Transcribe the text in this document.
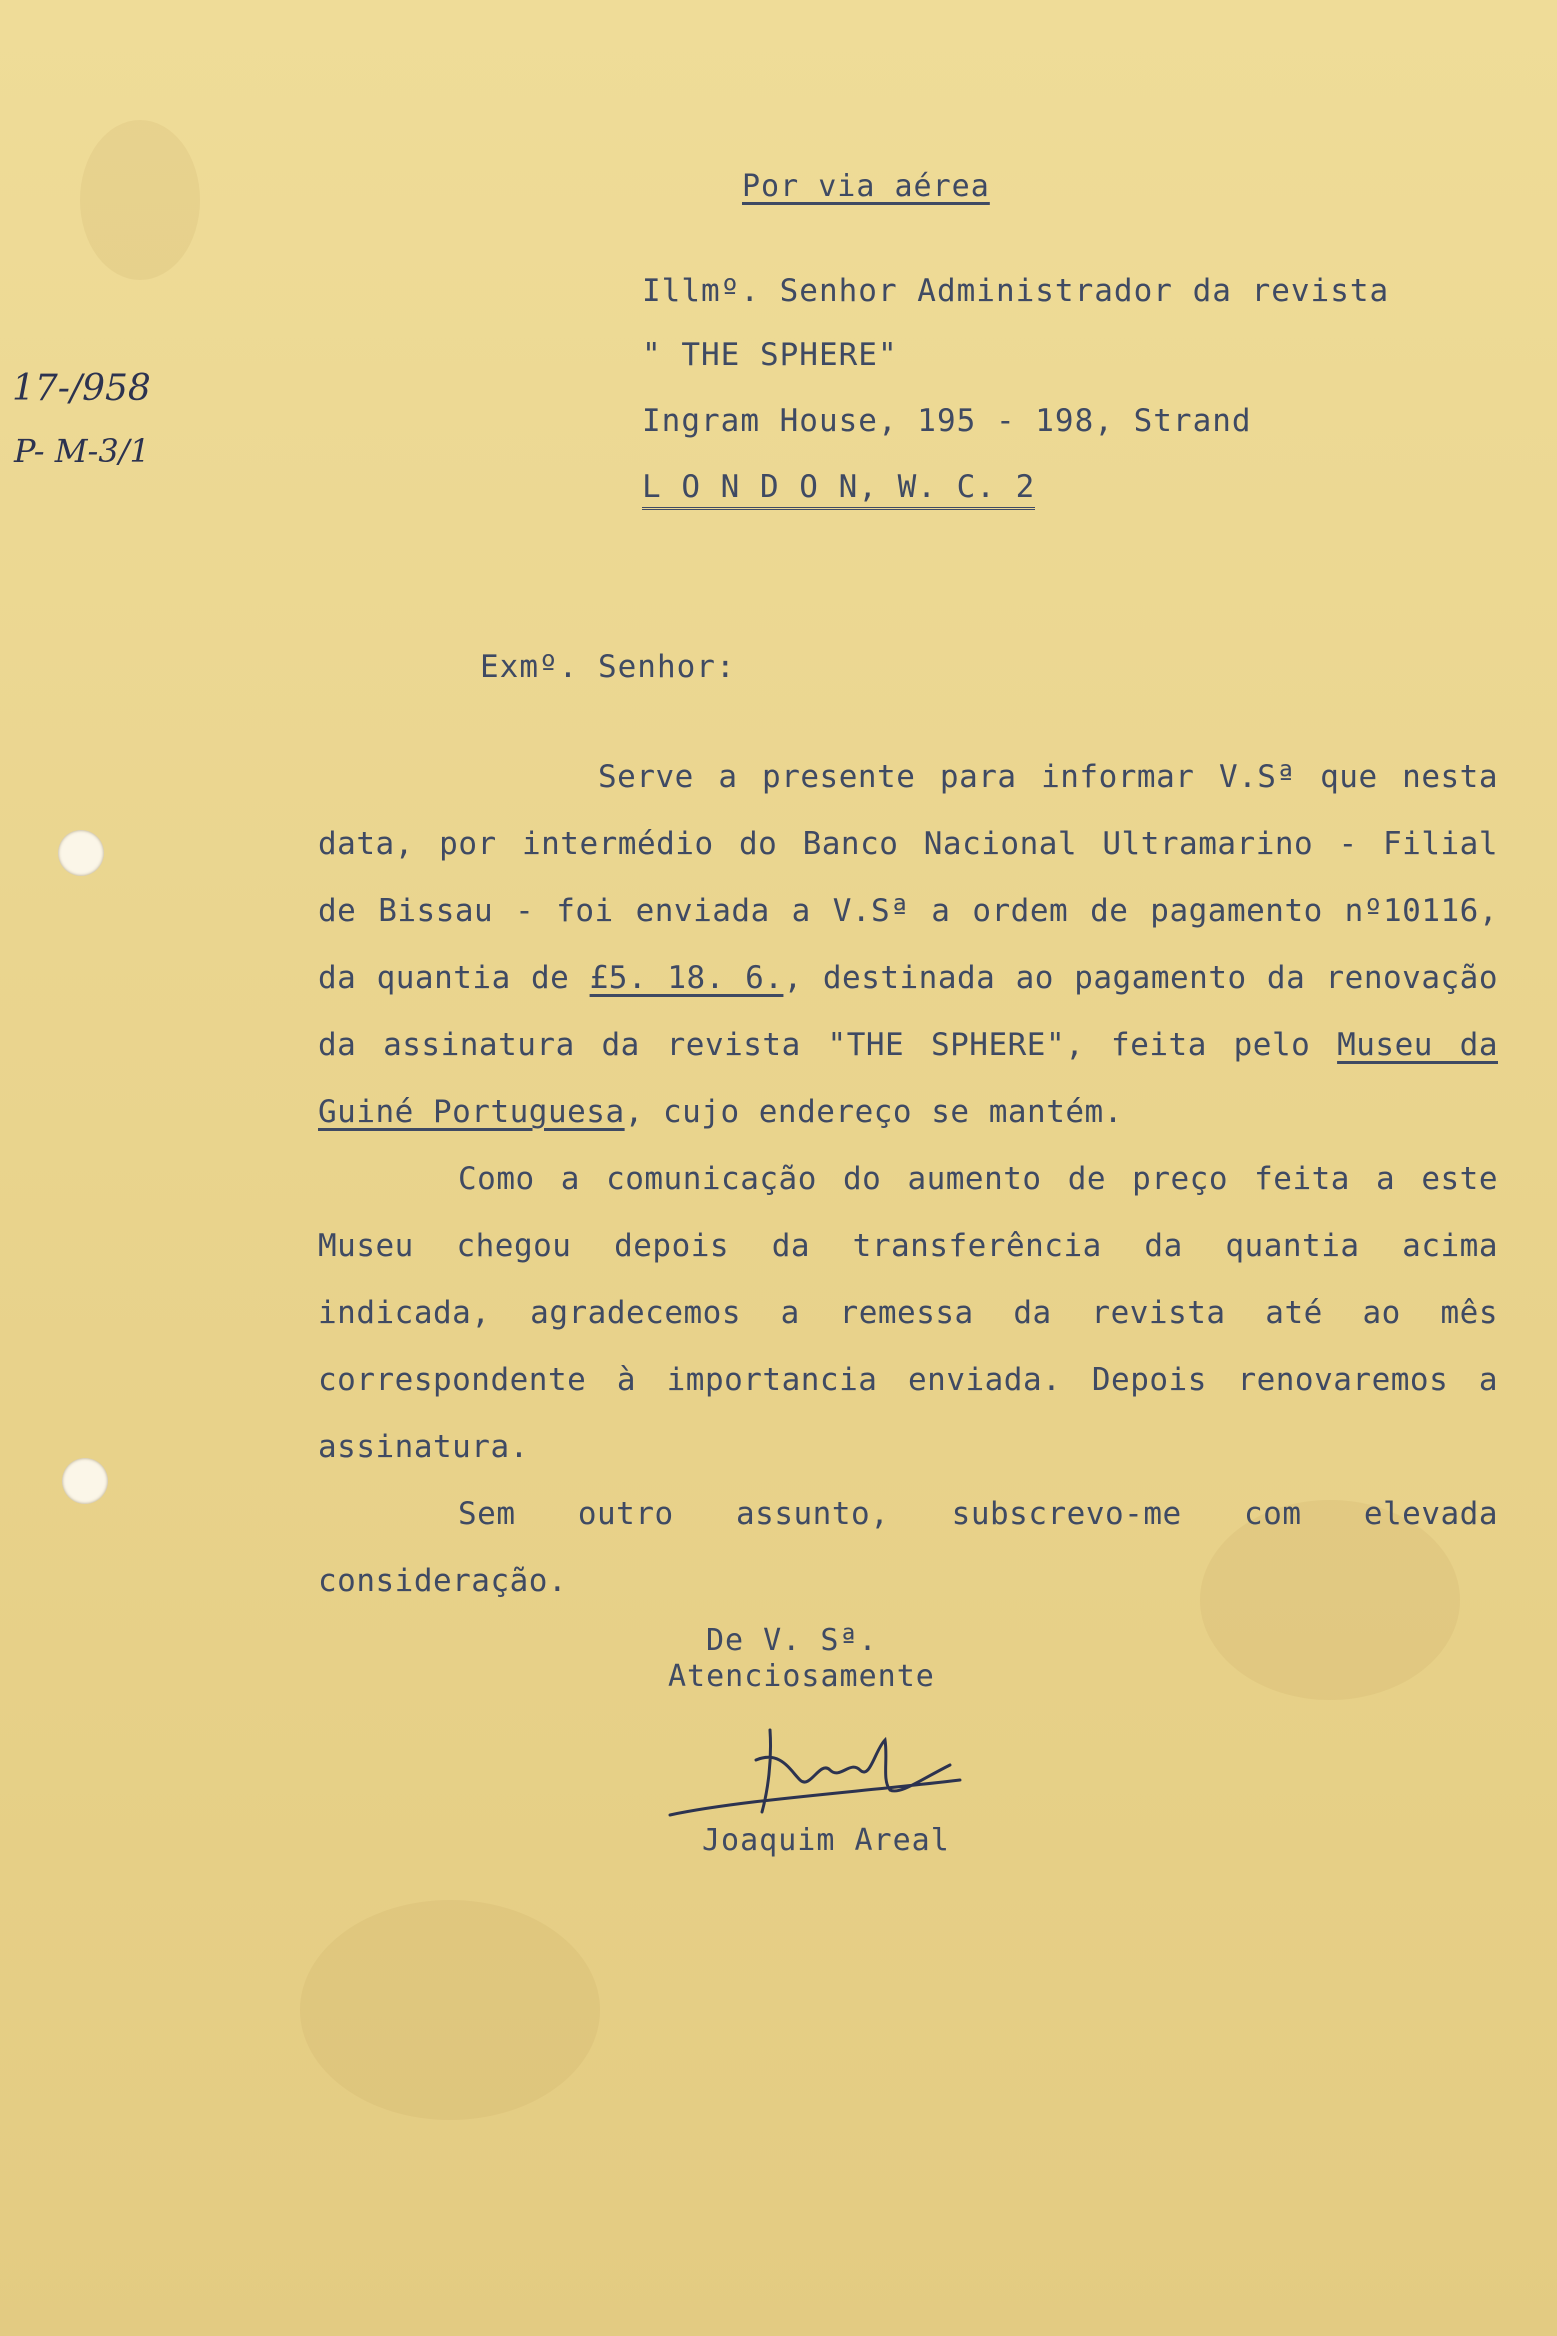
17-/958
P- M-3/1
Por via aérea
Illmº. Senhor Administrador da revista
" THE SPHERE"
Ingram House, 195 - 198, Strand
L O N D O N, W. C. 2
Exmº. Senhor:

Serve a presente para informar V.Sª que nesta data, por intermédio do Banco Nacional Ultramarino - Filial de Bissau - foi enviada a V.Sª a ordem de pagamento nº10116, da quantia de £5. 18. 6., destinada ao pagamento da renovação da assinatura da revista "THE SPHERE", feita pelo Museu da Guiné Portuguesa, cujo endereço se mantém.

Como a comunicação do aumento de preço feita a este Museu chegou depois da transferência da quantia acima indicada, agradecemos a remessa da revista até ao mês correspondente à importancia enviada. Depois renovaremos a assinatura.

Sem outro assunto, subscrevo-me com elevada consideração.

De V. Sª.
Atenciosamente
Joaquim Areal
